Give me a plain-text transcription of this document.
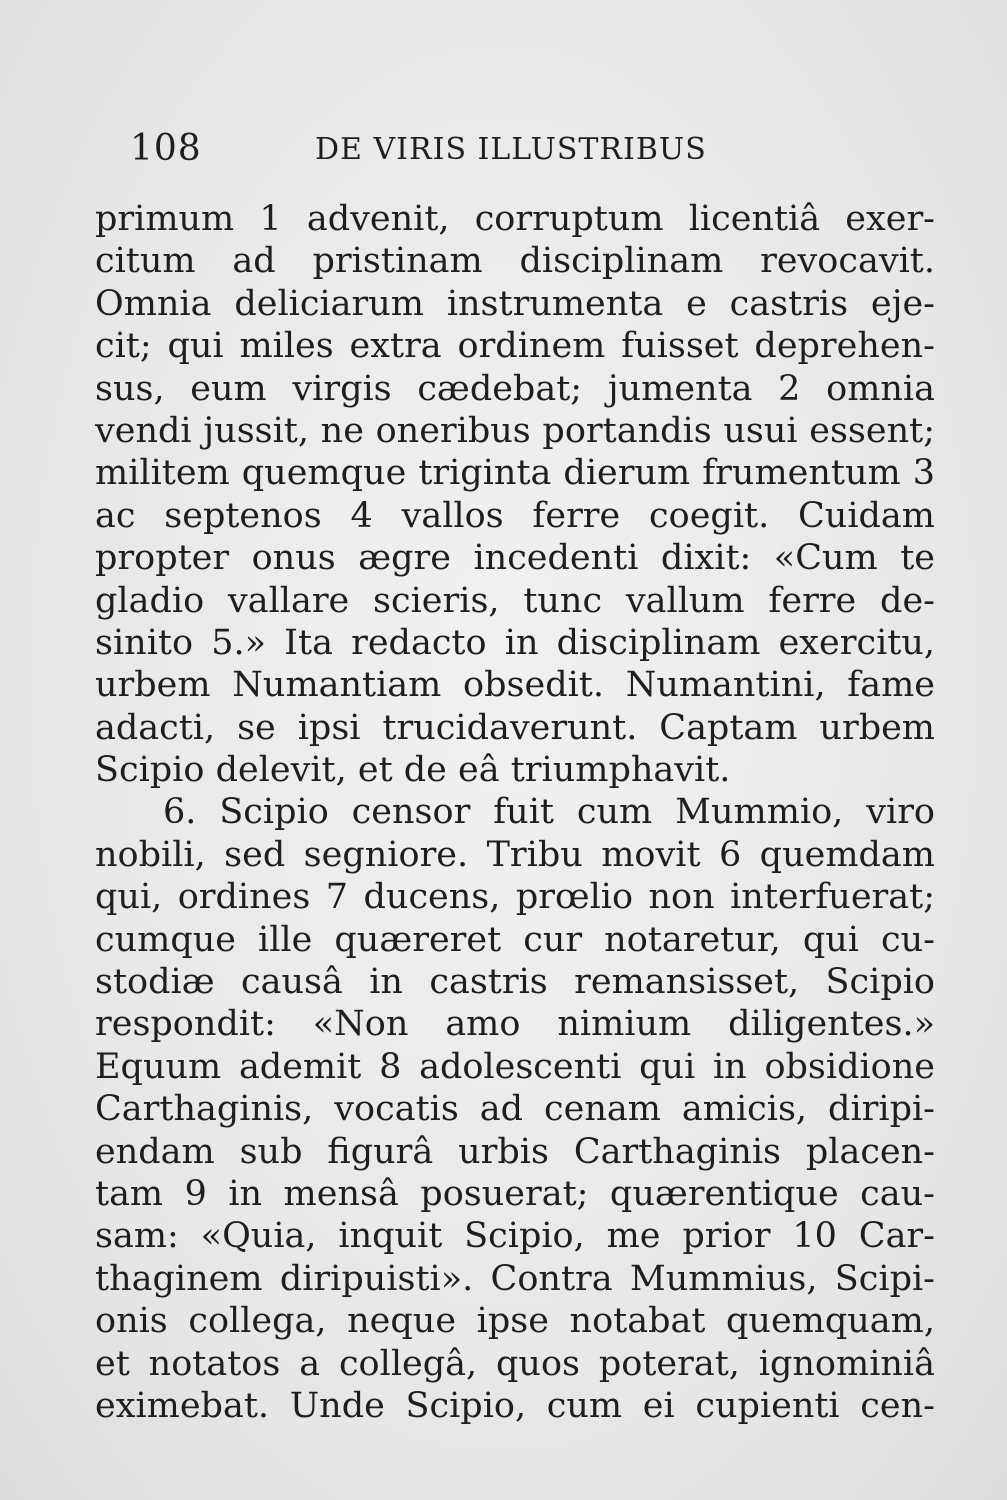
108	DE VIRIS ILLUSTRIBUS
primum 1 advenit, corruptum licentiâ exer-
citum ad pristinam disciplinam revocavit.
Omnia deliciarum instrumenta e castris eje-
cit; qui miles extra ordinem fuisset deprehen-
sus, eum virgis cædebat; jumenta 2 omnia
vendi jussit, ne oneribus portandis usui essent;
militem quemque triginta dierum frumentum 3
ac septenos 4 vallos ferre coegit. Cuidam
propter onus ægre incedenti dixit: «Cum te
gladio vallare scieris, tunc vallum ferre de-
sinito 5.» Ita redacto in disciplinam exercitu,
urbem Numantiam obsedit. Numantini, fame
adacti, se ipsi trucidaverunt. Captam urbem
Scipio delevit, et de eâ triumphavit.
6. Scipio censor fuit cum Mummio, viro
nobili, sed segniore. Tribu movit 6 quemdam
qui, ordines 7 ducens, prœlio non interfuerat;
cumque ille quæreret cur notaretur, qui cu-
stodiæ causâ in castris remansisset, Scipio
respondit: «Non amo nimium diligentes.»
Equum ademit 8 adolescenti qui in obsidione
Carthaginis, vocatis ad cenam amicis, diripi-
endam sub figurâ urbis Carthaginis placen-
tam 9 in mensâ posuerat; quærentique cau-
sam: «Quia, inquit Scipio, me prior 10 Car-
thaginem diripuisti». Contra Mummius, Scipi-
onis collega, neque ipse notabat quemquam,
et notatos a collegâ, quos poterat, ignominiâ
eximebat. Unde Scipio, cum ei cupienti cen-
